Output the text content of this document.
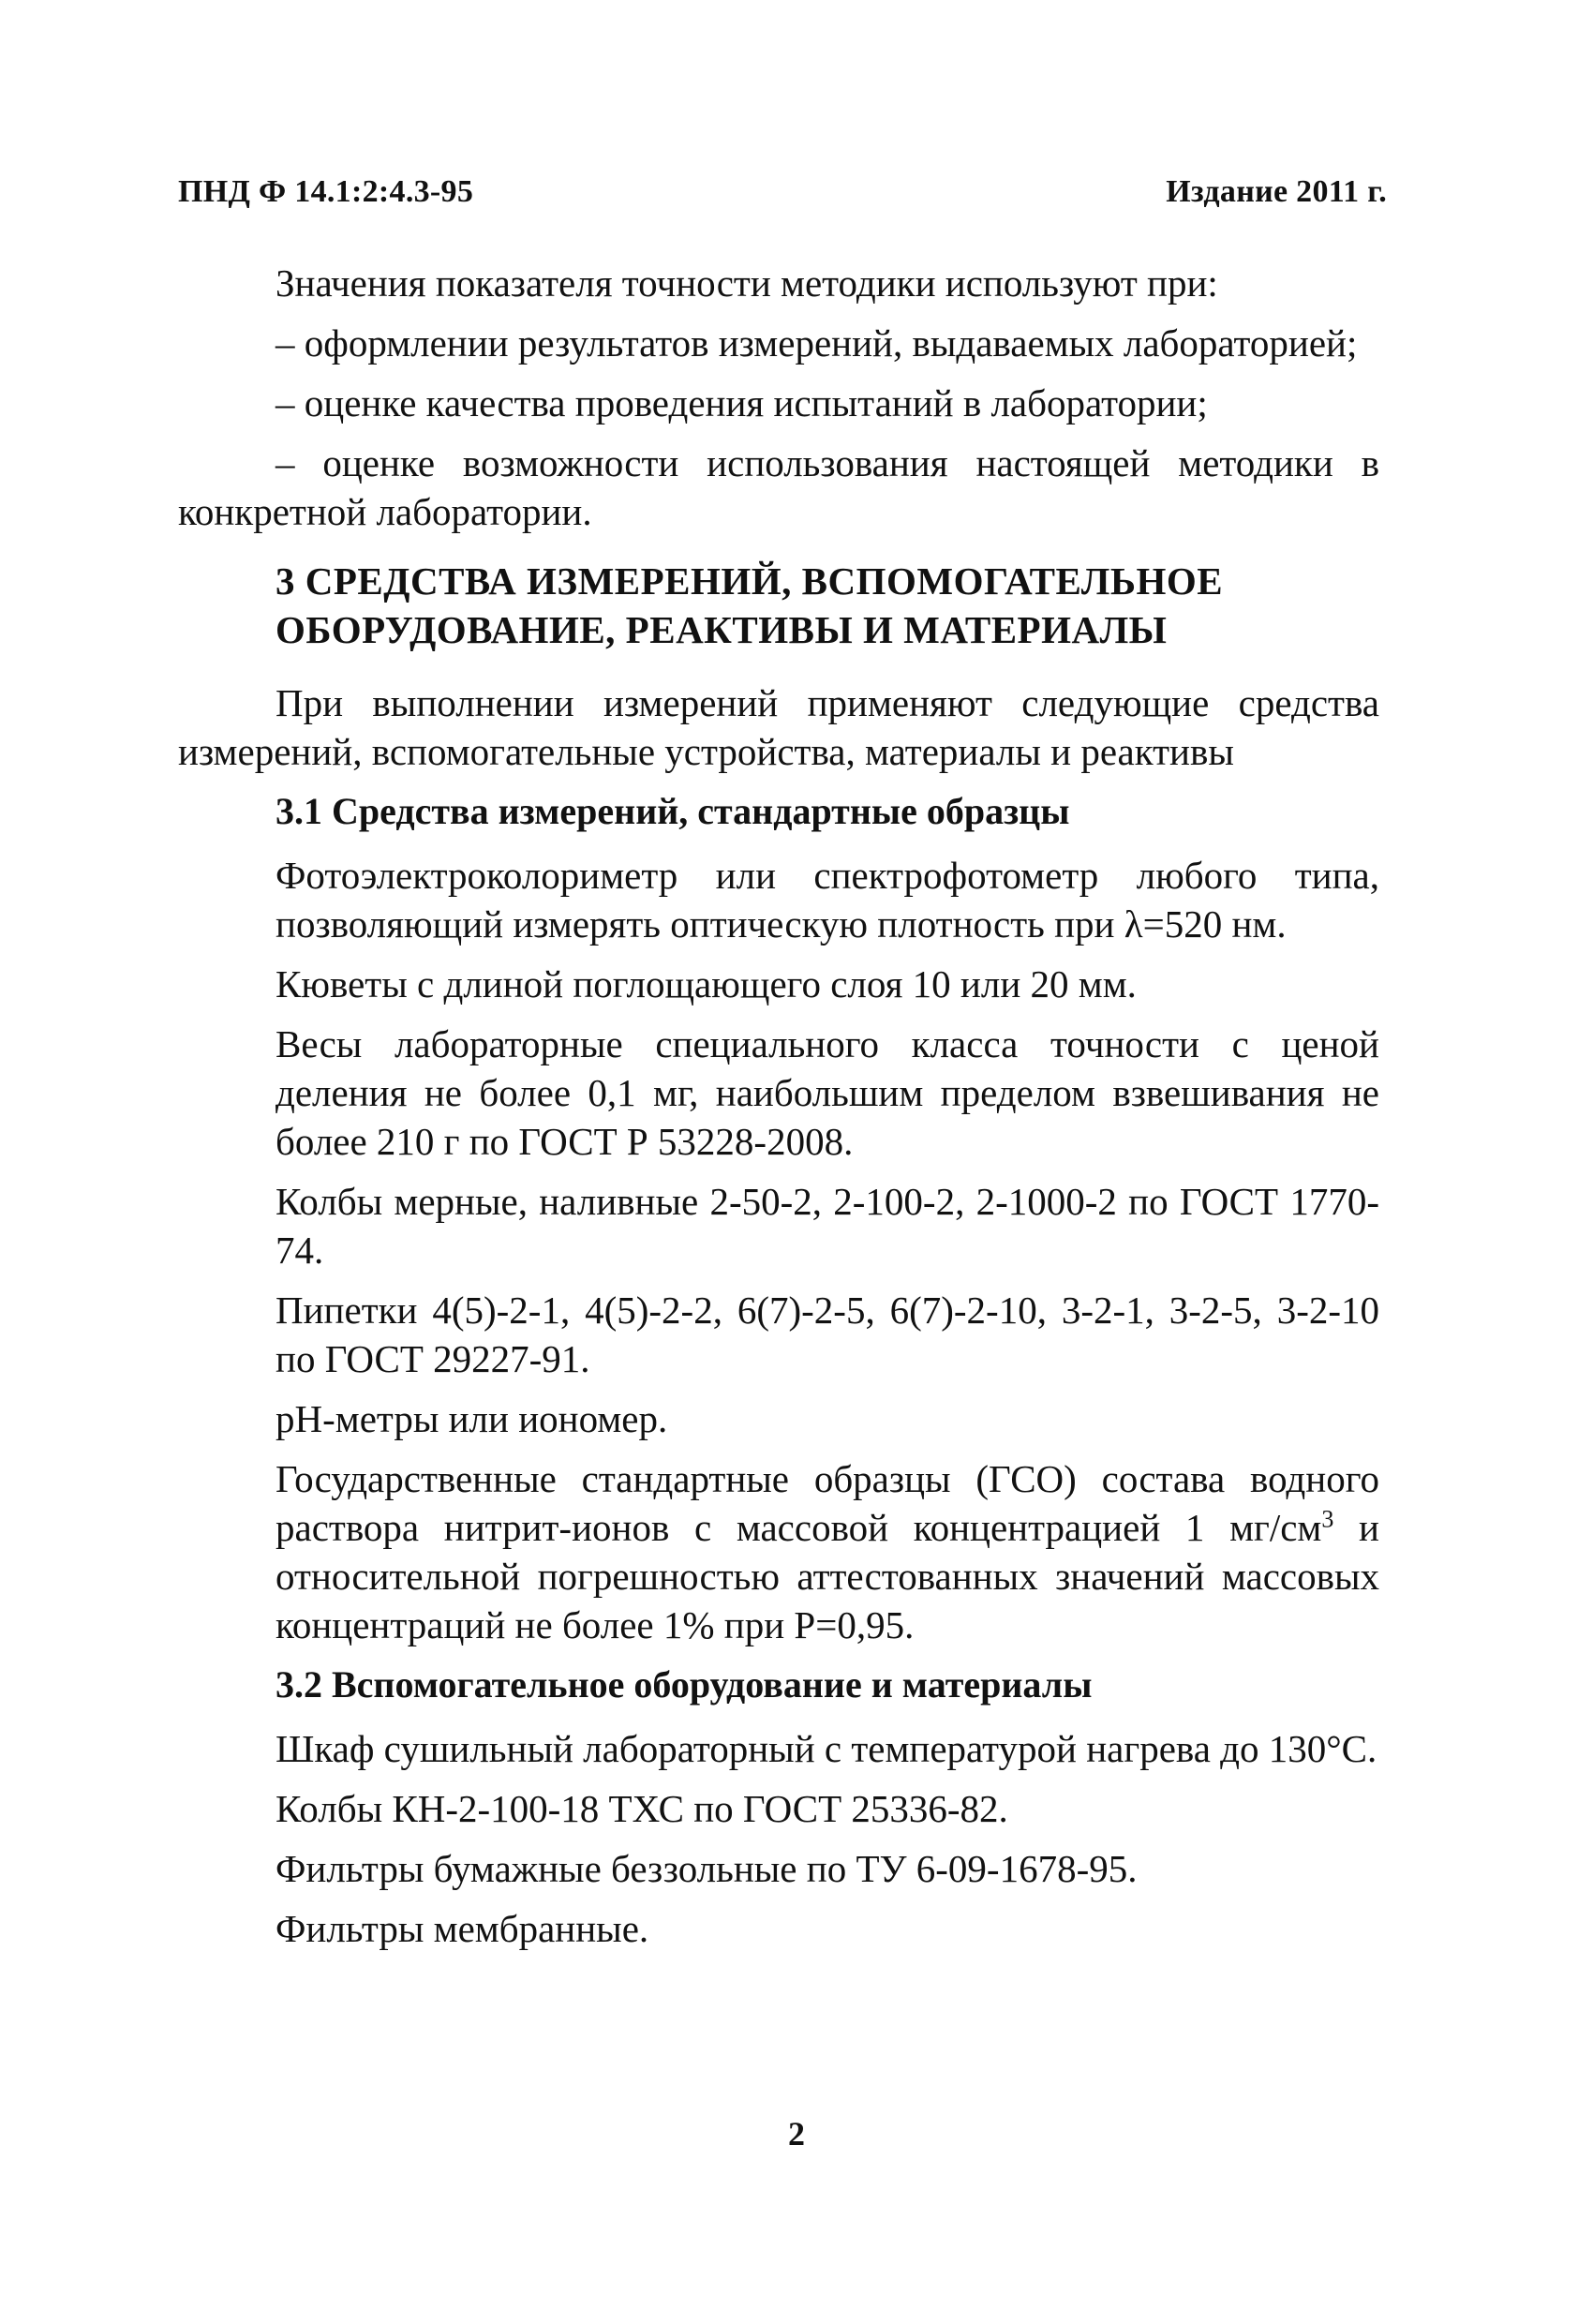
ПНД Ф 14.1:2:4.3-95	Издание 2011 г.

Значения показателя точности методики используют при:

– оформлении результатов измерений, выдаваемых лабораторией;

– оценке качества проведения испытаний в лаборатории;

– оценке возможности использования настоящей методики в конкретной лаборатории.

3 СРЕДСТВА ИЗМЕРЕНИЙ, ВСПОМОГАТЕЛЬНОЕ
ОБОРУДОВАНИЕ, РЕАКТИВЫ И МАТЕРИАЛЫ

При выполнении измерений применяют следующие средства измерений, вспомогательные устройства, материалы и реактивы

3.1 Средства измерений, стандартные образцы

Фотоэлектроколориметр или спектрофотометр любого типа, позволяющий измерять оптическую плотность при λ=520 нм.

Кюветы с длиной поглощающего слоя 10 или 20 мм.

Весы лабораторные специального класса точности с ценой деления не более 0,1 мг, наибольшим пределом взвешивания не более 210 г по ГОСТ Р 53228-2008.

Колбы мерные, наливные 2-50-2, 2-100-2, 2-1000-2 по ГОСТ 1770-74.

Пипетки 4(5)-2-1, 4(5)-2-2, 6(7)-2-5, 6(7)-2-10, 3-2-1, 3-2-5, 3-2-10 по ГОСТ 29227-91.

pH-метры или иономер.

Государственные стандартные образцы (ГСО) состава водного раствора нитрит-ионов с массовой концентрацией 1 $мг/см^3$ и относительной погрешностью аттестованных значений массовых концентраций не более 1% при Р=0,95.

3.2 Вспомогательное оборудование и материалы

Шкаф сушильный лабораторный с температурой нагрева до 130°С.

Колбы КН-2-100-18 ТХС по ГОСТ 25336-82.

Фильтры бумажные беззольные по ТУ 6-09-1678-95.

Фильтры мембранные.

2
